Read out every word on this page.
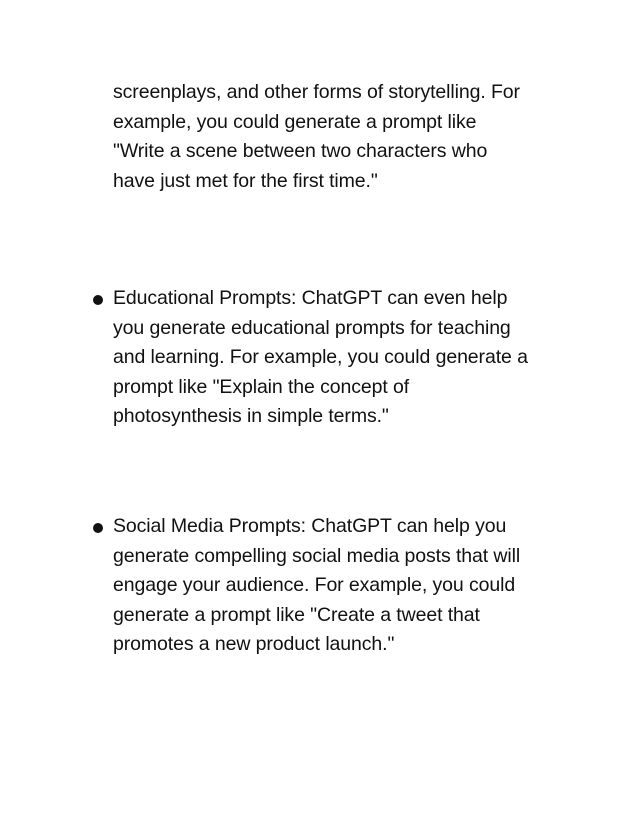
screenplays, and other forms of storytelling. For
example, you could generate a prompt like
"Write a scene between two characters who
have just met for the first time."
Educational Prompts: ChatGPT can even help
you generate educational prompts for teaching
and learning. For example, you could generate a
prompt like "Explain the concept of
photosynthesis in simple terms."
Social Media Prompts: ChatGPT can help you
generate compelling social media posts that will
engage your audience. For example, you could
generate a prompt like "Create a tweet that
promotes a new product launch."
